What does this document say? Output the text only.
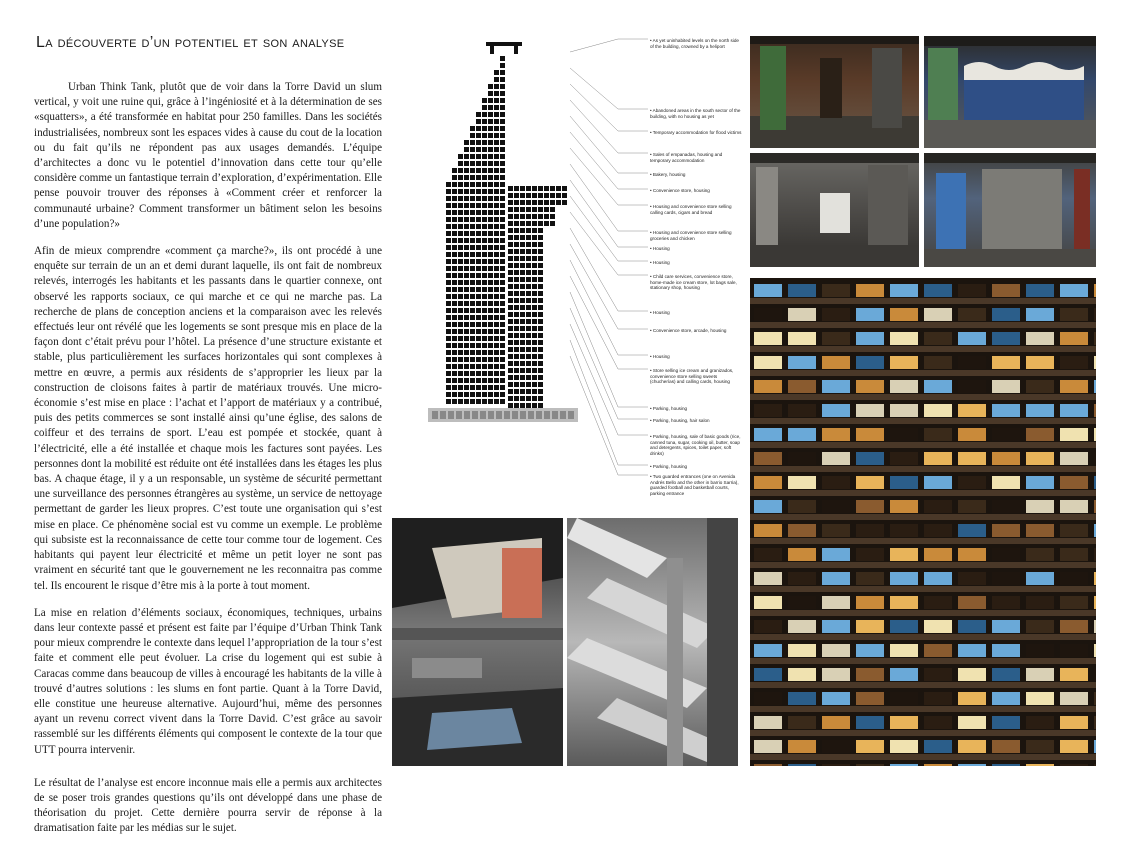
La découverte d’un potentiel et son analyse

Urban Think Tank, plutôt que de voir dans la Torre David un slum vertical, y voit une ruine qui, grâce à l’ingéniosité et à la détermination de ses «squatters», a été transformée en habitat pour 250 familles. Dans les sociétés industrialisées, nombreux sont les espaces vides à cause du cout de la location ou du fait qu’ils ne répondent pas aux usages demandés. L’équipe d’architectes a donc vu le potentiel d’innovation dans cette tour qu’elle considère comme un fantastique terrain d’exploration, d’expérimentation. Elle pense pouvoir trouver des réponses à «Comment créer et renforcer la communauté urbaine? Comment transformer un bâtiment selon les besoins d’une population?»

Afin de mieux comprendre «comment ça marche?», ils ont procédé à une enquête sur terrain de un an et demi durant laquelle, ils ont fait de nombreux relevés, interrogés les habitants et les passants dans le quartier connexe, ont observé les rapports sociaux, ce qui marche et ce qui ne marche pas. La recherche de plans de conception anciens et la comparaison avec les relevés effectués leur ont révélé que les logements se sont presque mis en place de la façon dont c’était prévu pour l’hôtel. La présence d’une structure existante et stable, plus particulièrement les surfaces horizontales qui sont complexes à mettre en œuvre, a permis aux résidents de s’approprier les lieux par la construction de cloisons faites à partir de matériaux trouvés. Une micro-économie s’est mise en place : l’achat et l’apport de matériaux y a contribué, puis des petits commerces se sont installé ainsi qu’une église, des salons de coiffeur et des terrains de sport. L’eau est pompée et stockée, quant à l’électricité, elle a été installée et chaque mois les factures sont payées. Les personnes dont la mobilité est réduite ont été installées dans les étages les plus bas. A chaque étage, il y a un responsable, un système de sécurité permettant une surveillance des personnes étrangères au système, un service de nettoyage permettant de garder les lieux propres. C’est toute une organisation qui s’est mise en place. Ce phénomène social est vu comme un exemple. Le problème qui subsiste est la reconnaissance de cette tour comme tour de logement. Ces habitants qui payent leur électricité et même un petit loyer ne sont pas vraiment en sécurité tant que le gouvernement ne les reconnaitra pas comme tel. Ils encourent le risque d’être mis à la porte à tout moment.

La mise en relation d’éléments sociaux, économiques, techniques, urbains dans leur contexte passé et présent est faite par l’équipe d’Urban Think Tank pour mieux comprendre le contexte dans lequel l’appropriation de la tour s’est faite et comment elle peut évoluer. La crise du logement qui est subie à Caracas comme dans beaucoup de villes à encouragé les habitants de la ville à trouvé d’autres solutions : les slums en font partie. Quant à la Torre David, elle constitue une heureuse alternative. Aujourd’hui, même des personnes ayant un revenu correct vivent dans la Torre David. C’est grâce au savoir rassemblé sur les différents éléments qui composent le contexte de la tour que UTT pourra intervenir.

Le résultat de l’analyse est encore inconnue mais elle a permis aux architectes de se poser trois grandes questions qu’ils ont développé dans une phase de théorisation du projet. Cette dernière pourra servir de réponse à la dramatisation faite par les médias sur le sujet.

• As yet uninhabited levels on the north side of the building, crowned by a heliport
• Abandoned areas in the south sector of the building, with no housing as yet
• Temporary accommodation for flood victims
• Sales of empanadas, housing and temporary accommodation
• Bakery, housing
• Convenience store, housing
• Housing and convenience store selling calling cards, cigars and bread
• Housing and convenience store selling groceries and chicken
• Housing
• Housing
• Child care services, convenience store, home-made ice cream store, lot bags sale, stationary shop, housing
• Housing
• Convenience store, arcade, housing
• Housing
• Store selling ice cream and granizados, convenience store selling sweets (chucherías) and calling cards, housing
• Parking, housing
• Parking, housing, hair salon
• Parking, housing, sale of basic goods (rice, canned tuna, sugar, cooking oil, butter, soap and detergents, spices, toilet paper, soft drinks)
• Parking, housing
• Two guarded entrances (one on Avenida Andrés Bello and the other in barrio Sarria), guarded football and basketball courts, parking entrance
